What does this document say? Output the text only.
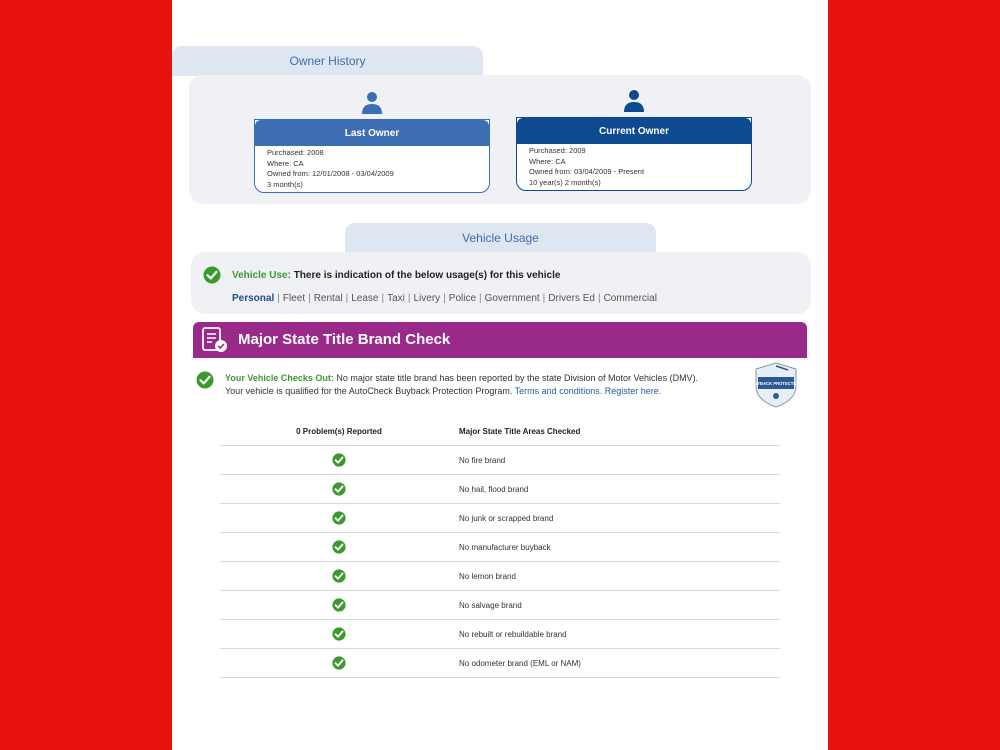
Owner History
Last Owner
Purchased: 2008
Where: CA
Owned from: 12/01/2008 - 03/04/2009
3 month(s)
Current Owner
Purchased: 2009
Where: CA
Owned from: 03/04/2009 - Present
10 year(s) 2 month(s)
Vehicle Usage
Vehicle Use: There is indication of the below usage(s) for this vehicle
Personal | Fleet | Rental | Lease | Taxi | Livery | Police | Government | Drivers Ed | Commercial
Major State Title Brand Check
Your Vehicle Checks Out: No major state title brand has been reported by the state Division of Motor Vehicles (DMV).
Your vehicle is qualified for the AutoCheck Buyback Protection Program. Terms and conditions. Register here.
BUYBACK PROTECTION
0 Problem(s) Reported	Major State Title Areas Checked
	No fire brand
	No hail, flood brand
	No junk or scrapped brand
	No manufacturer buyback
	No lemon brand
	No salvage brand
	No rebuilt or rebuildable brand
	No odometer brand (EML or NAM)
